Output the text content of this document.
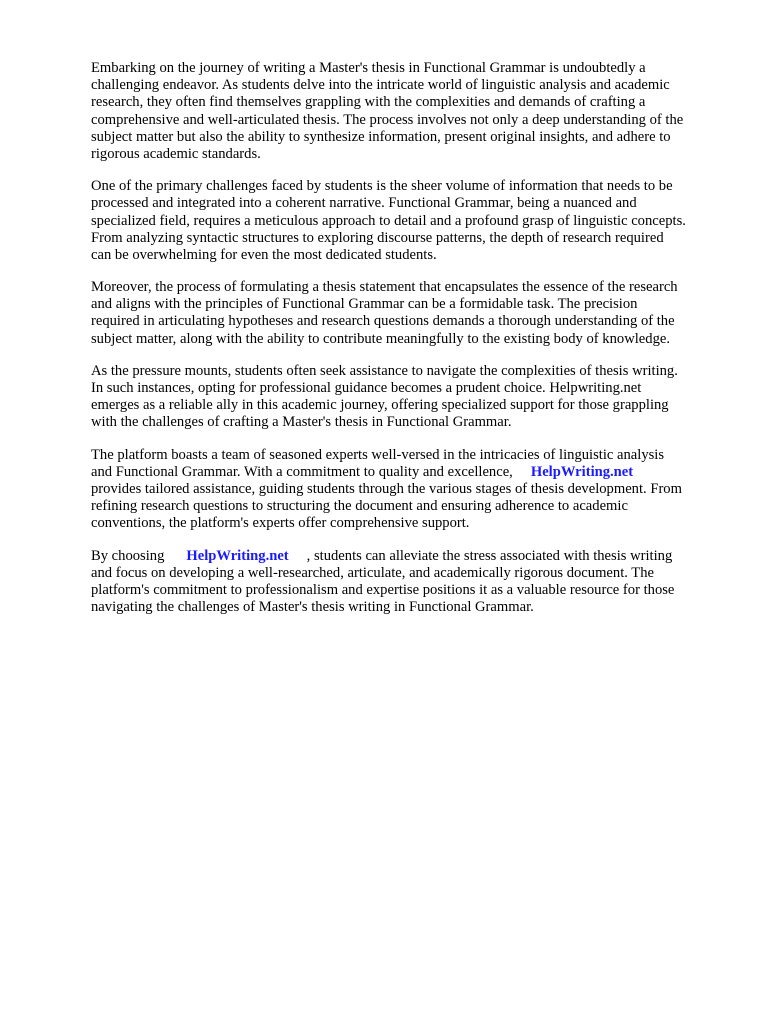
Embarking on the journey of writing a Master's thesis in Functional Grammar is undoubtedly a
challenging endeavor. As students delve into the intricate world of linguistic analysis and academic
research, they often find themselves grappling with the complexities and demands of crafting a
comprehensive and well-articulated thesis. The process involves not only a deep understanding of the
subject matter but also the ability to synthesize information, present original insights, and adhere to
rigorous academic standards.

One of the primary challenges faced by students is the sheer volume of information that needs to be
processed and integrated into a coherent narrative. Functional Grammar, being a nuanced and
specialized field, requires a meticulous approach to detail and a profound grasp of linguistic concepts.
From analyzing syntactic structures to exploring discourse patterns, the depth of research required
can be overwhelming for even the most dedicated students.

Moreover, the process of formulating a thesis statement that encapsulates the essence of the research
and aligns with the principles of Functional Grammar can be a formidable task. The precision
required in articulating hypotheses and research questions demands a thorough understanding of the
subject matter, along with the ability to contribute meaningfully to the existing body of knowledge.

As the pressure mounts, students often seek assistance to navigate the complexities of thesis writing.
In such instances, opting for professional guidance becomes a prudent choice. Helpwriting.net
emerges as a reliable ally in this academic journey, offering specialized support for those grappling
with the challenges of crafting a Master's thesis in Functional Grammar.

The platform boasts a team of seasoned experts well-versed in the intricacies of linguistic analysis
and Functional Grammar. With a commitment to quality and excellence, HelpWriting.net
provides tailored assistance, guiding students through the various stages of thesis development. From
refining research questions to structuring the document and ensuring adherence to academic
conventions, the platform's experts offer comprehensive support.

By choosing HelpWriting.net , students can alleviate the stress associated with thesis writing
and focus on developing a well-researched, articulate, and academically rigorous document. The
platform's commitment to professionalism and expertise positions it as a valuable resource for those
navigating the challenges of Master's thesis writing in Functional Grammar.
